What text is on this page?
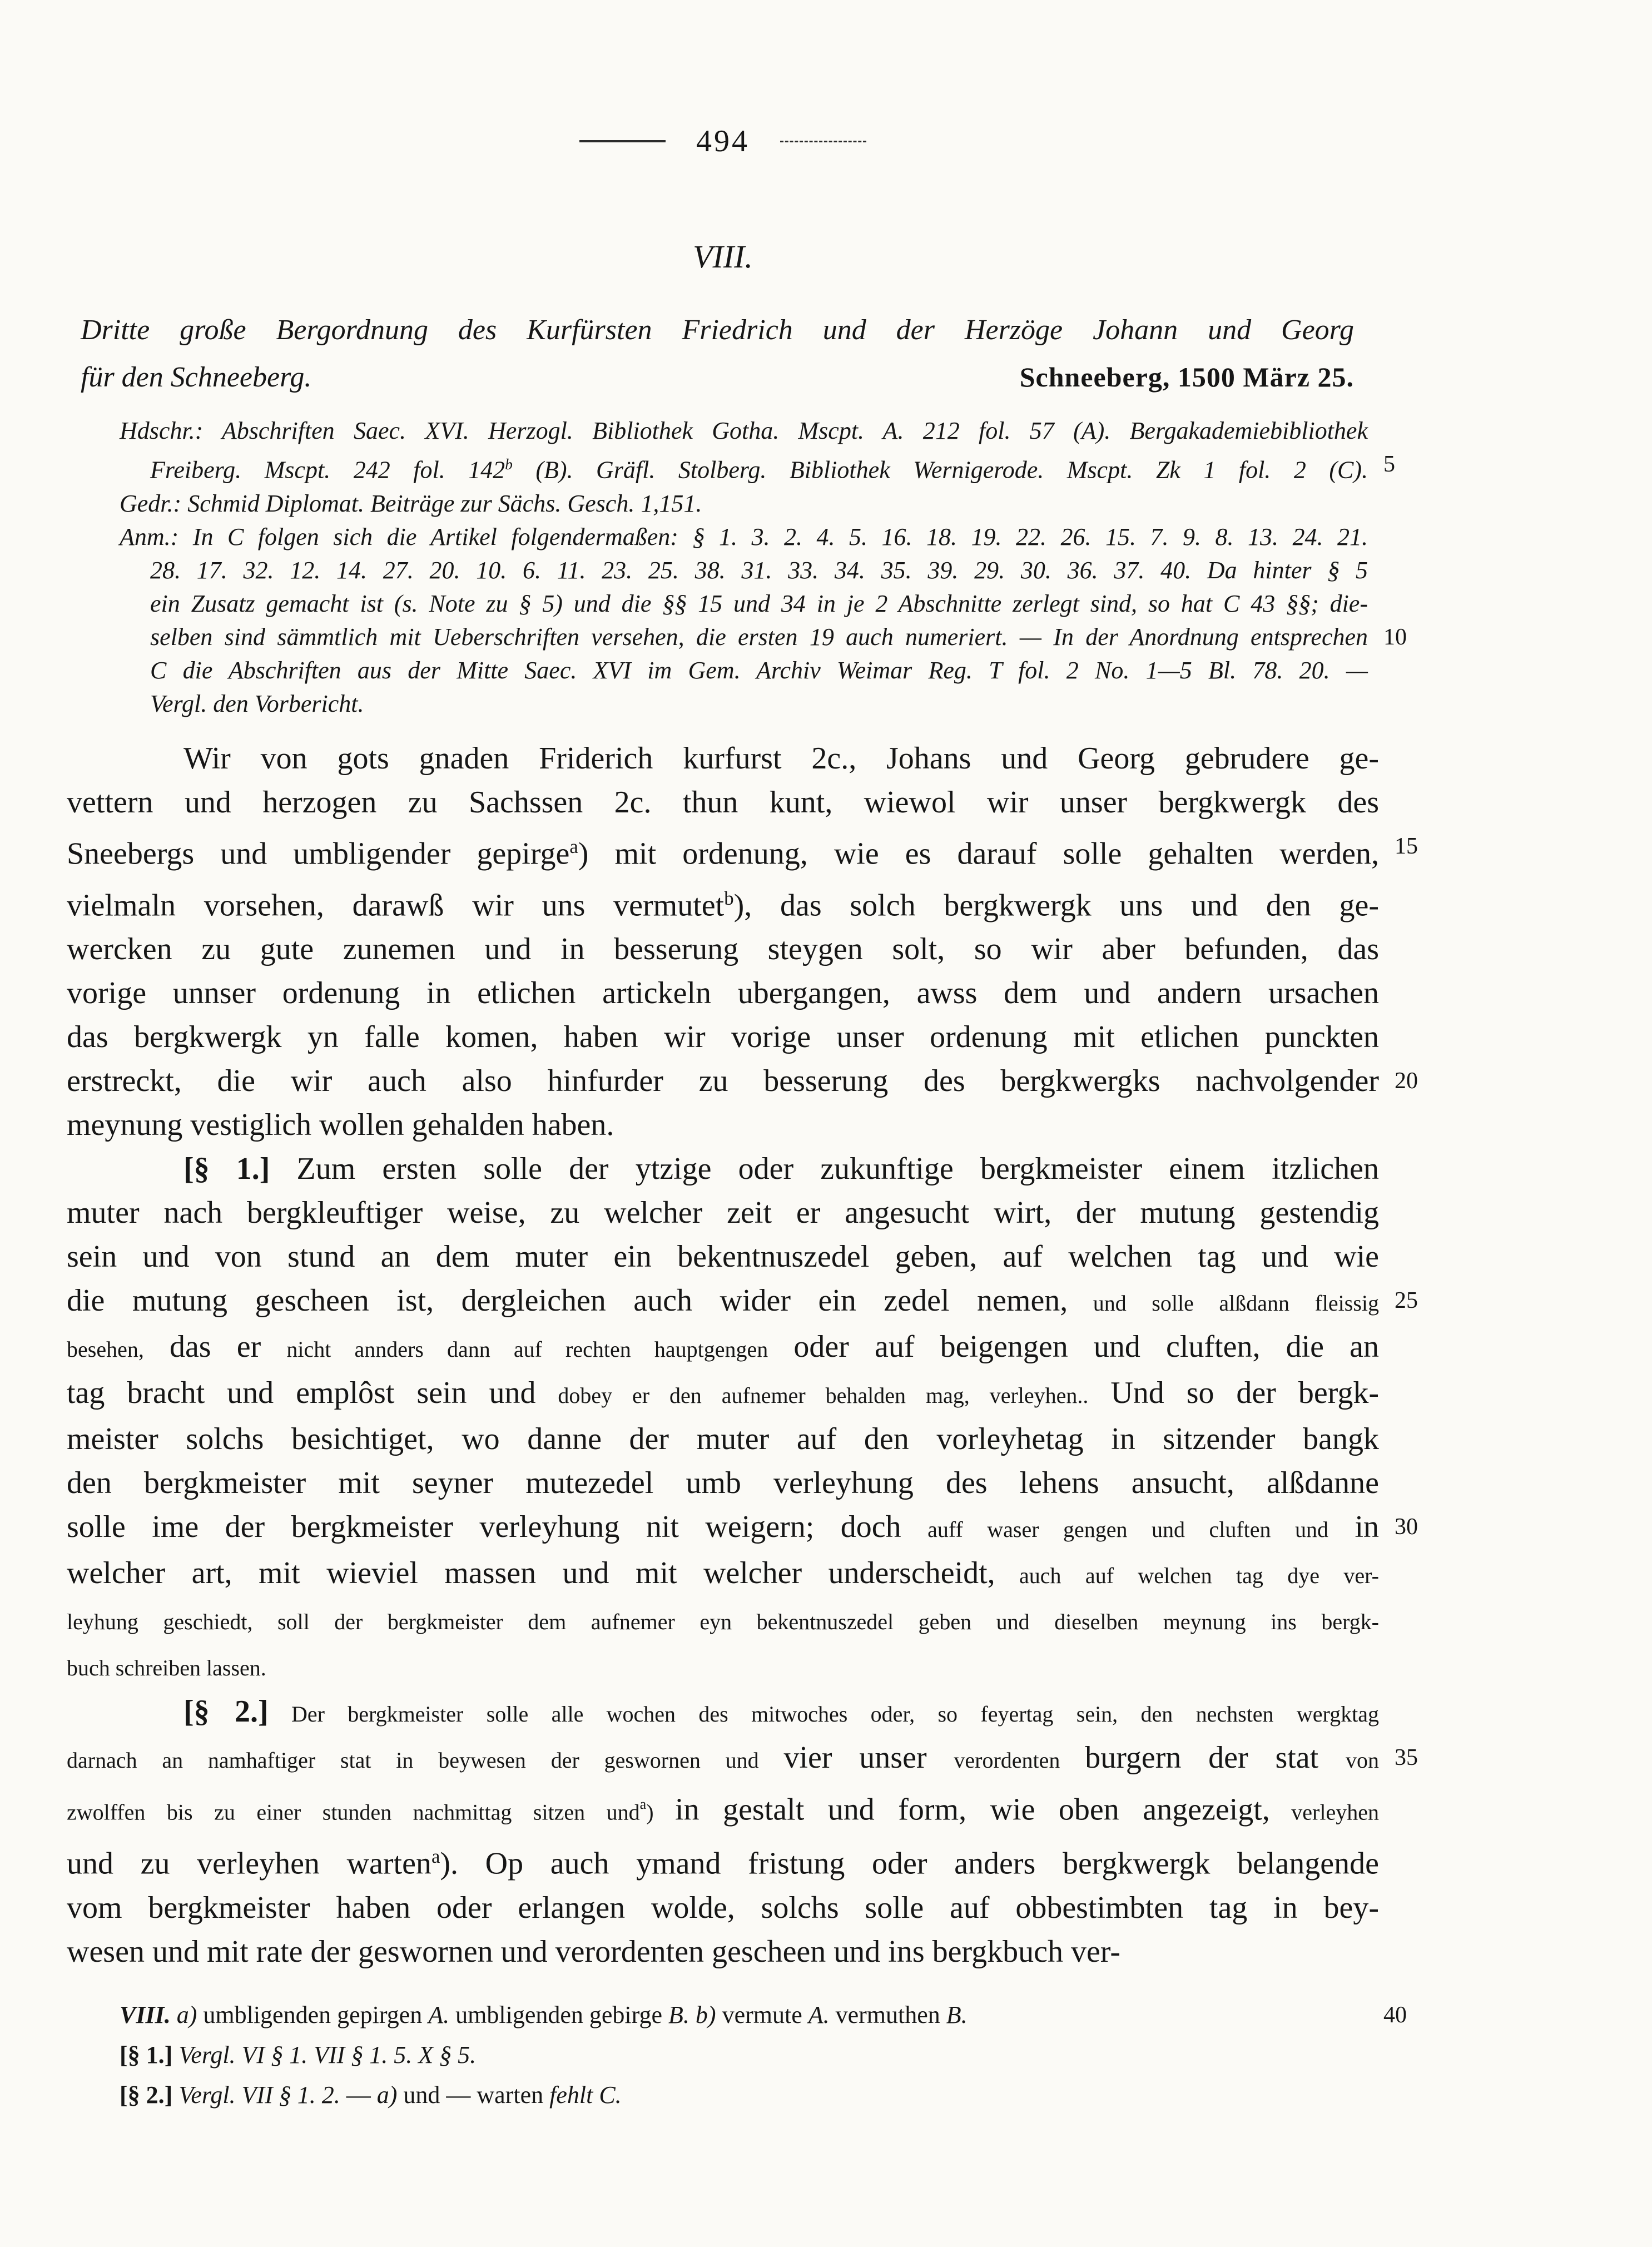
494
VIII.
Dritte große Bergordnung des Kurfürsten Friedrich und der Herzöge Johann und Georg
für den Schneeberg.	Schneeberg, 1500 März 25.
Hdschr.: Abschriften Saec. XVI. Herzogl. Bibliothek Gotha. Mscpt. A. 212 fol. 57 (A). Bergakademiebibliothek
Freiberg. Mscpt. 242 fol. 142$^b$ (B). Gräfl. Stolberg. Bibliothek Wernigerode. Mscpt. Zk 1 fol. 2 (C). 5
Gedr.: Schmid Diplomat. Beiträge zur Sächs. Gesch. 1,151.
Anm.: In C folgen sich die Artikel folgendermaßen: § 1. 3. 2. 4. 5. 16. 18. 19. 22. 26. 15. 7. 9. 8. 13. 24. 21.
28. 17. 32. 12. 14. 27. 20. 10. 6. 11. 23. 25. 38. 31. 33. 34. 35. 39. 29. 30. 36. 37. 40. Da hinter § 5
ein Zusatz gemacht ist (s. Note zu § 5) und die §§ 15 und 34 in je 2 Abschnitte zerlegt sind, so hat C 43 §§; die-
selben sind sämmtlich mit Ueberschriften versehen, die ersten 19 auch numeriert. — In der Anordnung entsprechen 10
C die Abschriften aus der Mitte Saec. XVI im Gem. Archiv Weimar Reg. T fol. 2 No. 1—5 Bl. 78. 20. —
Vergl. den Vorbericht.
Wir von gots gnaden Friderich kurfurst 2c., Johans und Georg gebrudere ge-
vettern und herzogen zu Sachssen 2c. thun kunt, wiewol wir unser bergkwergk des
Sneebergs und umbligender gepirge$^a$) mit ordenung, wie es darauf solle gehalten werden, 15
vielmaln vorsehen, darawß wir uns vermutet$^b$), das solch bergkwergk uns und den ge-
wercken zu gute zunemen und in besserung steygen solt, so wir aber befunden, das
vorige unnser ordenung in etlichen artickeln ubergangen, awss dem und andern ursachen
das bergkwergk yn falle komen, haben wir vorige unser ordenung mit etlichen punckten
erstreckt, die wir auch also hinfurder zu besserung des bergkwergks nachvolgender 20
meynung vestiglich wollen gehalden haben.
[§ 1.] Zum ersten solle der ytzige oder zukunftige bergkmeister einem itzlichen
muter nach bergkleuftiger weise, zu welcher zeit er angesucht wirt, der mutung gestendig
sein und von stund an dem muter ein bekentnuszedel geben, auf welchen tag und wie
die mutung gescheen ist, dergleichen auch wider ein zedel nemen, und solle alßdann fleissig 25
besehen, das er nicht annders dann auf rechten hauptgengen oder auf beigengen und cluften, die an
tag bracht und emplôst sein und dobey er den aufnemer behalden mag, verleyhen.. Und so der bergk-
meister solchs besichtiget, wo danne der muter auf den vorleyhetag in sitzender bangk
den bergkmeister mit seyner mutezedel umb verleyhung des lehens ansucht, alßdanne
solle ime der bergkmeister verleyhung nit weigern; doch auff waser gengen und cluften und in 30
welcher art, mit wieviel massen und mit welcher underscheidt, auch auf welchen tag dye ver-
leyhung geschiedt, soll der bergkmeister dem aufnemer eyn bekentnuszedel geben und dieselben meynung ins bergk-
buch schreiben lassen.
[§ 2.] Der bergkmeister solle alle wochen des mitwoches oder, so feyertag sein, den nechsten wergktag
darnach an namhaftiger stat in beywesen der geswornen und vier unser verordenten burgern der stat von 35
zwolffen bis zu einer stunden nachmittag sitzen und$^a$) in gestalt und form, wie oben angezeigt, verleyhen
und zu verleyhen warten$^a$). Op auch ymand fristung oder anders bergkwergk belangende
vom bergkmeister haben oder erlangen wolde, solchs solle auf obbestimbten tag in bey-
wesen und mit rate der geswornen und verordenten gescheen und ins bergkbuch ver-
VIII. a) umbligenden gepirgen A. umbligenden gebirge B. b) vermute A. vermuthen B.	40
[§ 1.] Vergl. VI § 1. VII § 1. 5. X § 5.
[§ 2.] Vergl. VII § 1. 2. — a) und — warten fehlt C.
